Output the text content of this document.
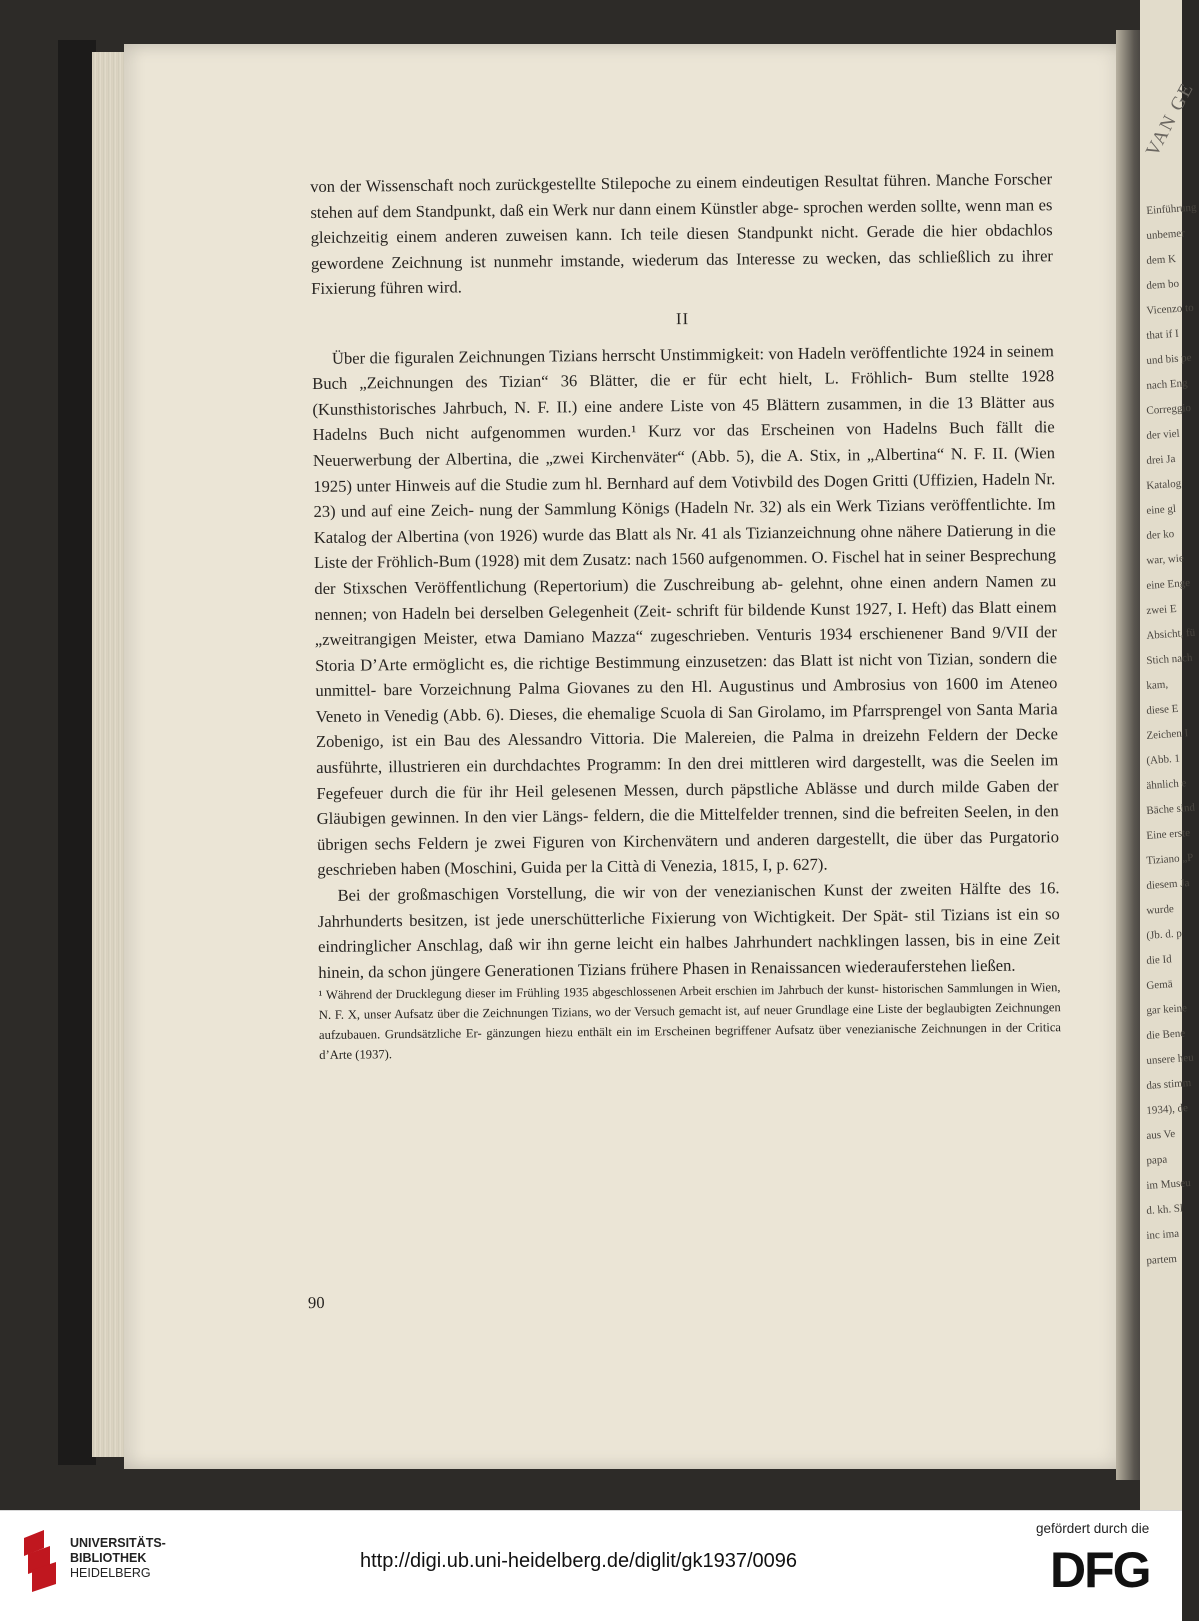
VAN GE
Einführung
unbemer
dem K
dem bo
Vicenzo to
that if I
und bis pe
nach Eng
Correggio
der viel
drei Ja
Katalog
eine gl
der ko
war, wie
eine Enge
zwei E
Absicht, fü
Stich nach
kam,
diese E
Zeichen I
(Abb. 1
ähnlich e
Bäche sind
Eine erste
Tiziano „P
diesem Ja
wurde
(Jb. d. p
die Id
Gemä
gar keine
die Bene
unsere heu
das stimm
1934), de
aus Ve
papa
im Museu
d. kh. Sl
inc ima
partem

von der Wissenschaft noch zurückgestellte Stilepoche zu einem eindeutigen Resultat führen. Manche Forscher stehen auf dem Standpunkt, daß ein Werk nur dann einem Künstler abge- sprochen werden sollte, wenn man es gleichzeitig einem anderen zuweisen kann. Ich teile diesen Standpunkt nicht. Gerade die hier obdachlos gewordene Zeichnung ist nunmehr imstande, wiederum das Interesse zu wecken, das schließlich zu ihrer Fixierung führen wird.

II

Über die figuralen Zeichnungen Tizians herrscht Unstimmigkeit: von Hadeln veröffentlichte 1924 in seinem Buch „Zeichnungen des Tizian“ 36 Blätter, die er für echt hielt, L. Fröhlich- Bum stellte 1928 (Kunsthistorisches Jahrbuch, N. F. II.) eine andere Liste von 45 Blättern zusammen, in die 13 Blätter aus Hadelns Buch nicht aufgenommen wurden.¹ Kurz vor das Erscheinen von Hadelns Buch fällt die Neuerwerbung der Albertina, die „zwei Kirchenväter“ (Abb. 5), die A. Stix, in „Albertina“ N. F. II. (Wien 1925) unter Hinweis auf die Studie zum hl. Bernhard auf dem Votivbild des Dogen Gritti (Uffizien, Hadeln Nr. 23) und auf eine Zeich- nung der Sammlung Königs (Hadeln Nr. 32) als ein Werk Tizians veröffentlichte. Im Katalog der Albertina (von 1926) wurde das Blatt als Nr. 41 als Tizianzeichnung ohne nähere Datierung in die Liste der Fröhlich-Bum (1928) mit dem Zusatz: nach 1560 aufgenommen. O. Fischel hat in seiner Besprechung der Stixschen Veröffentlichung (Repertorium) die Zuschreibung ab- gelehnt, ohne einen andern Namen zu nennen; von Hadeln bei derselben Gelegenheit (Zeit- schrift für bildende Kunst 1927, I. Heft) das Blatt einem „zweitrangigen Meister, etwa Damiano Mazza“ zugeschrieben. Venturis 1934 erschienener Band 9/VII der Storia D’Arte ermöglicht es, die richtige Bestimmung einzusetzen: das Blatt ist nicht von Tizian, sondern die unmittel- bare Vorzeichnung Palma Giovanes zu den Hl. Augustinus und Ambrosius von 1600 im Ateneo Veneto in Venedig (Abb. 6). Dieses, die ehemalige Scuola di San Girolamo, im Pfarrsprengel von Santa Maria Zobenigo, ist ein Bau des Alessandro Vittoria. Die Malereien, die Palma in dreizehn Feldern der Decke ausführte, illustrieren ein durchdachtes Programm: In den drei mittleren wird dargestellt, was die Seelen im Fegefeuer durch die für ihr Heil gelesenen Messen, durch päpstliche Ablässe und durch milde Gaben der Gläubigen gewinnen. In den vier Längs- feldern, die die Mittelfelder trennen, sind die befreiten Seelen, in den übrigen sechs Feldern je zwei Figuren von Kirchenvätern und anderen dargestellt, die über das Purgatorio geschrieben haben (Moschini, Guida per la Città di Venezia, 1815, I, p. 627).

Bei der großmaschigen Vorstellung, die wir von der venezianischen Kunst der zweiten Hälfte des 16. Jahrhunderts besitzen, ist jede unerschütterliche Fixierung von Wichtigkeit. Der Spät- stil Tizians ist ein so eindringlicher Anschlag, daß wir ihn gerne leicht ein halbes Jahrhundert nachklingen lassen, bis in eine Zeit hinein, da schon jüngere Generationen Tizians frühere Phasen in Renaissancen wiederauferstehen ließen.

¹ Während der Drucklegung dieser im Frühling 1935 abgeschlossenen Arbeit erschien im Jahrbuch der kunst- historischen Sammlungen in Wien, N. F. X, unser Aufsatz über die Zeichnungen Tizians, wo der Versuch gemacht ist, auf neuer Grundlage eine Liste der beglaubigten Zeichnungen aufzubauen. Grundsätzliche Er- gänzungen hiezu enthält ein im Erscheinen begriffener Aufsatz über venezianische Zeichnungen in der Critica d’Arte (1937).

90
UNIVERSITÄTS-
BIBLIOTHEK
HEIDELBERG
http://digi.ub.uni-heidelberg.de/diglit/gk1937/0096
gefördert durch die
DFG
